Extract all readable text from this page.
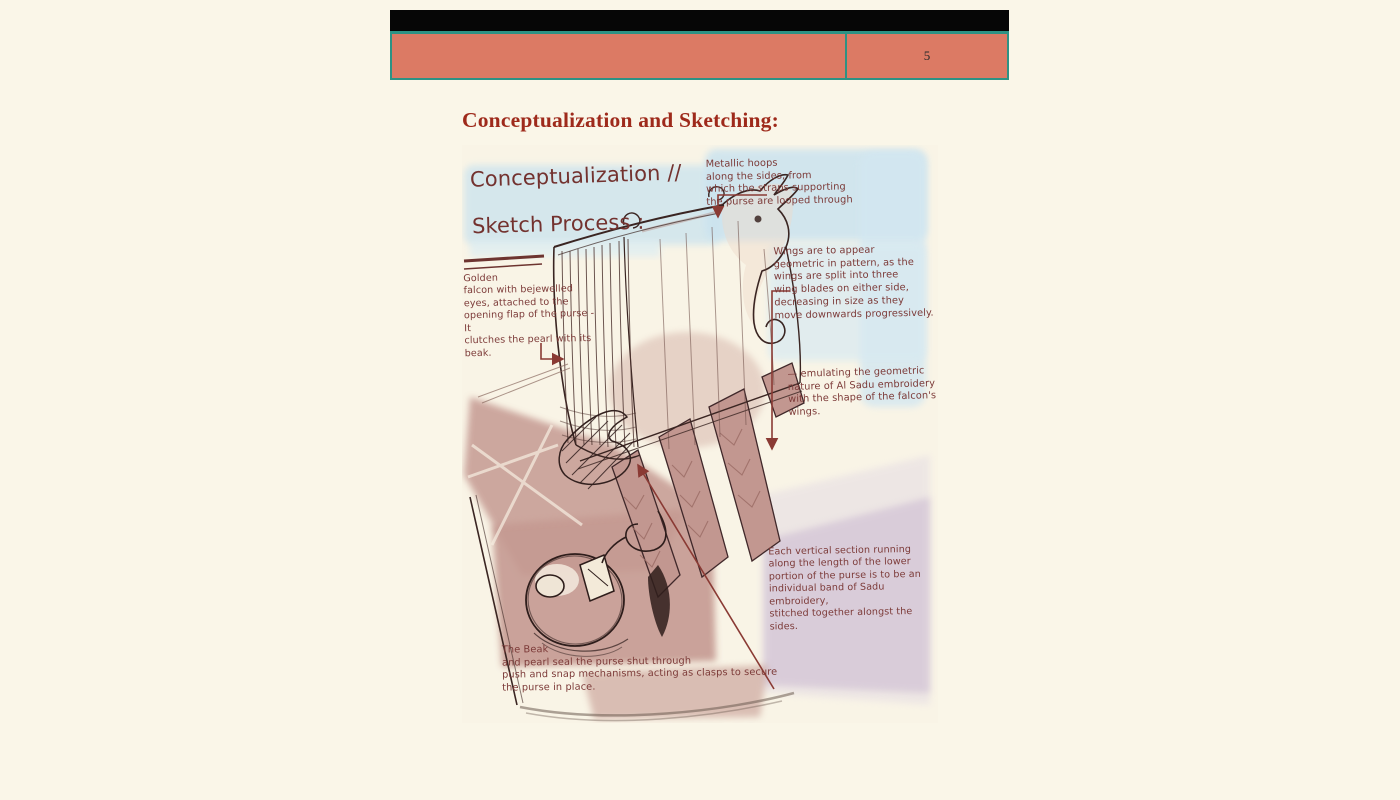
5
Conceptualization and Sketching:
Conceptualization //
Sketch Process :
Golden
falcon with bejewelled
eyes, attached to the
opening flap of the purse - It
clutches the pearl with its
beak.
Metallic hoops
along the sides, from
which the straps supporting
the purse are looped through
Wings are to appear
geometric in pattern, as the
wings are split into three
wing blades on either side,
decreasing in size as they
move downwards progressively.
— emulating the geometric
nature of Al Sadu embroidery
with the shape of the falcon's
wings.
Each vertical section running
along the length of the lower
portion of the purse is to be an
individual band of Sadu embroidery,
stitched together alongst the sides.
The Beak
and pearl seal the purse shut through
push and snap mechanisms, acting as clasps to secure
the purse in place.
